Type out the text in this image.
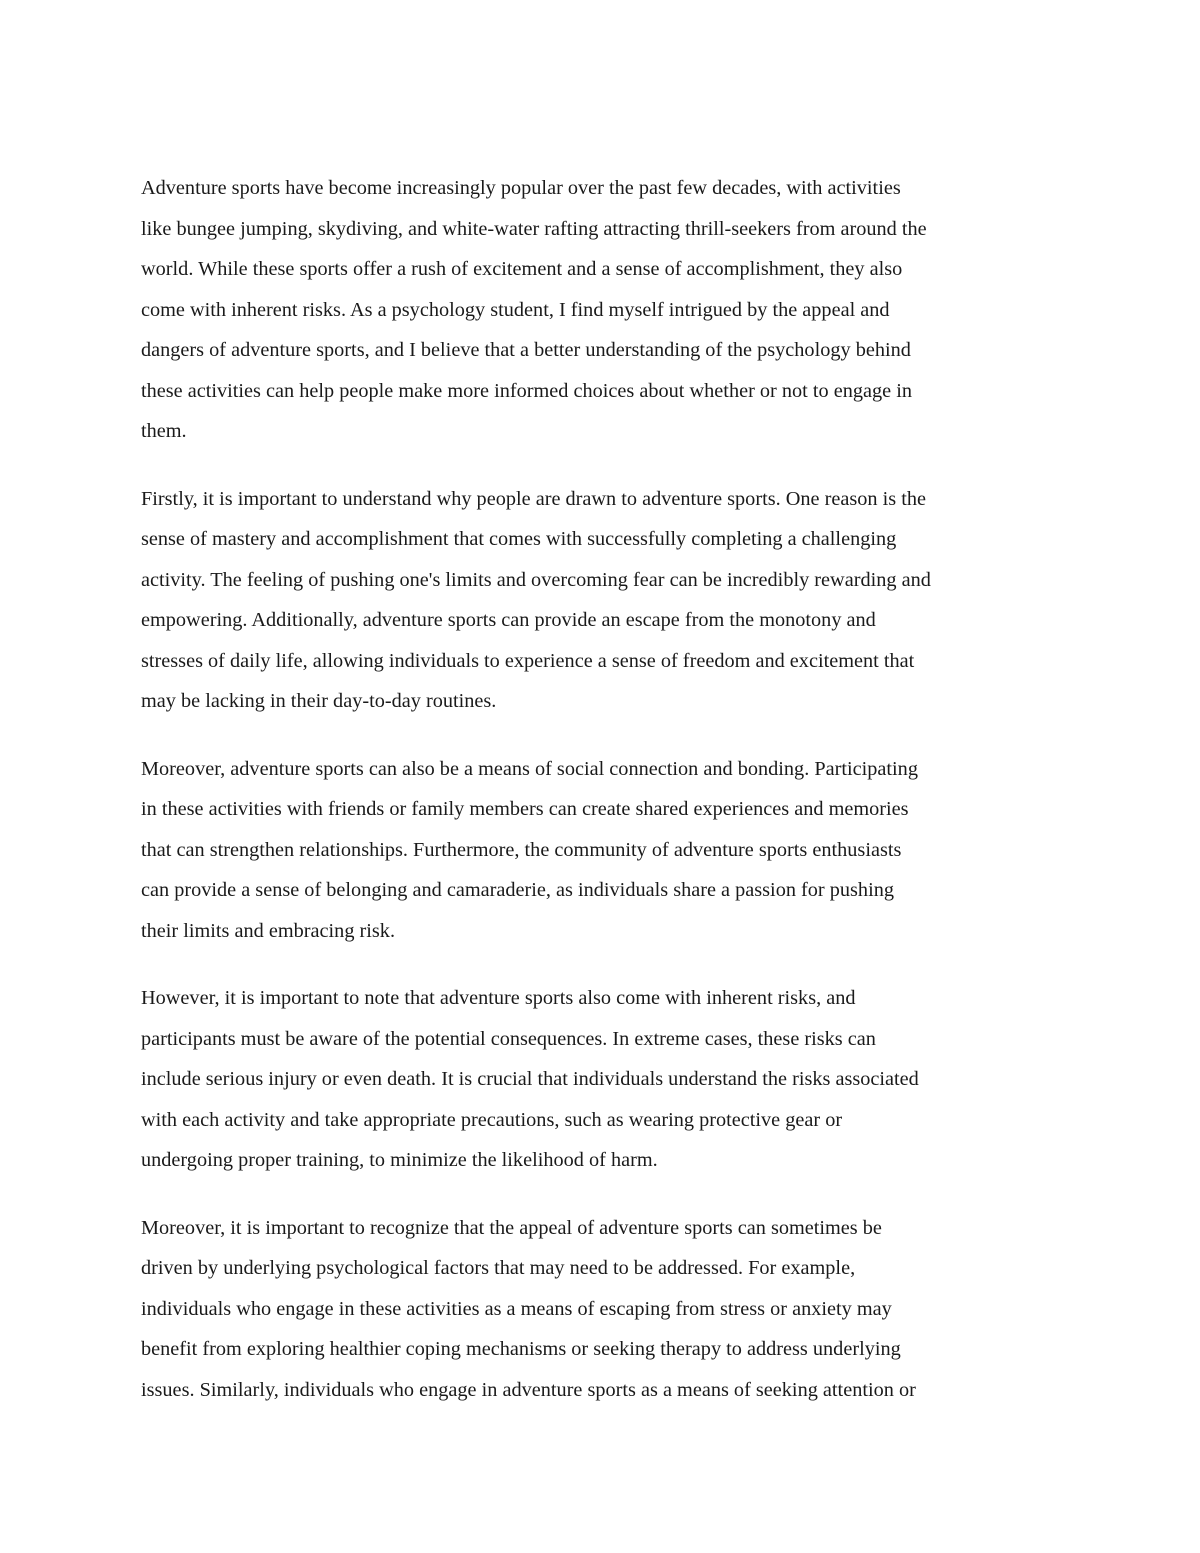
Adventure sports have become increasingly popular over the past few decades, with activities
like bungee jumping, skydiving, and white-water rafting attracting thrill-seekers from around the
world. While these sports offer a rush of excitement and a sense of accomplishment, they also
come with inherent risks. As a psychology student, I find myself intrigued by the appeal and
dangers of adventure sports, and I believe that a better understanding of the psychology behind
these activities can help people make more informed choices about whether or not to engage in
them.

Firstly, it is important to understand why people are drawn to adventure sports. One reason is the
sense of mastery and accomplishment that comes with successfully completing a challenging
activity. The feeling of pushing one's limits and overcoming fear can be incredibly rewarding and
empowering. Additionally, adventure sports can provide an escape from the monotony and
stresses of daily life, allowing individuals to experience a sense of freedom and excitement that
may be lacking in their day-to-day routines.

Moreover, adventure sports can also be a means of social connection and bonding. Participating
in these activities with friends or family members can create shared experiences and memories
that can strengthen relationships. Furthermore, the community of adventure sports enthusiasts
can provide a sense of belonging and camaraderie, as individuals share a passion for pushing
their limits and embracing risk.

However, it is important to note that adventure sports also come with inherent risks, and
participants must be aware of the potential consequences. In extreme cases, these risks can
include serious injury or even death. It is crucial that individuals understand the risks associated
with each activity and take appropriate precautions, such as wearing protective gear or
undergoing proper training, to minimize the likelihood of harm.

Moreover, it is important to recognize that the appeal of adventure sports can sometimes be
driven by underlying psychological factors that may need to be addressed. For example,
individuals who engage in these activities as a means of escaping from stress or anxiety may
benefit from exploring healthier coping mechanisms or seeking therapy to address underlying
issues. Similarly, individuals who engage in adventure sports as a means of seeking attention or
